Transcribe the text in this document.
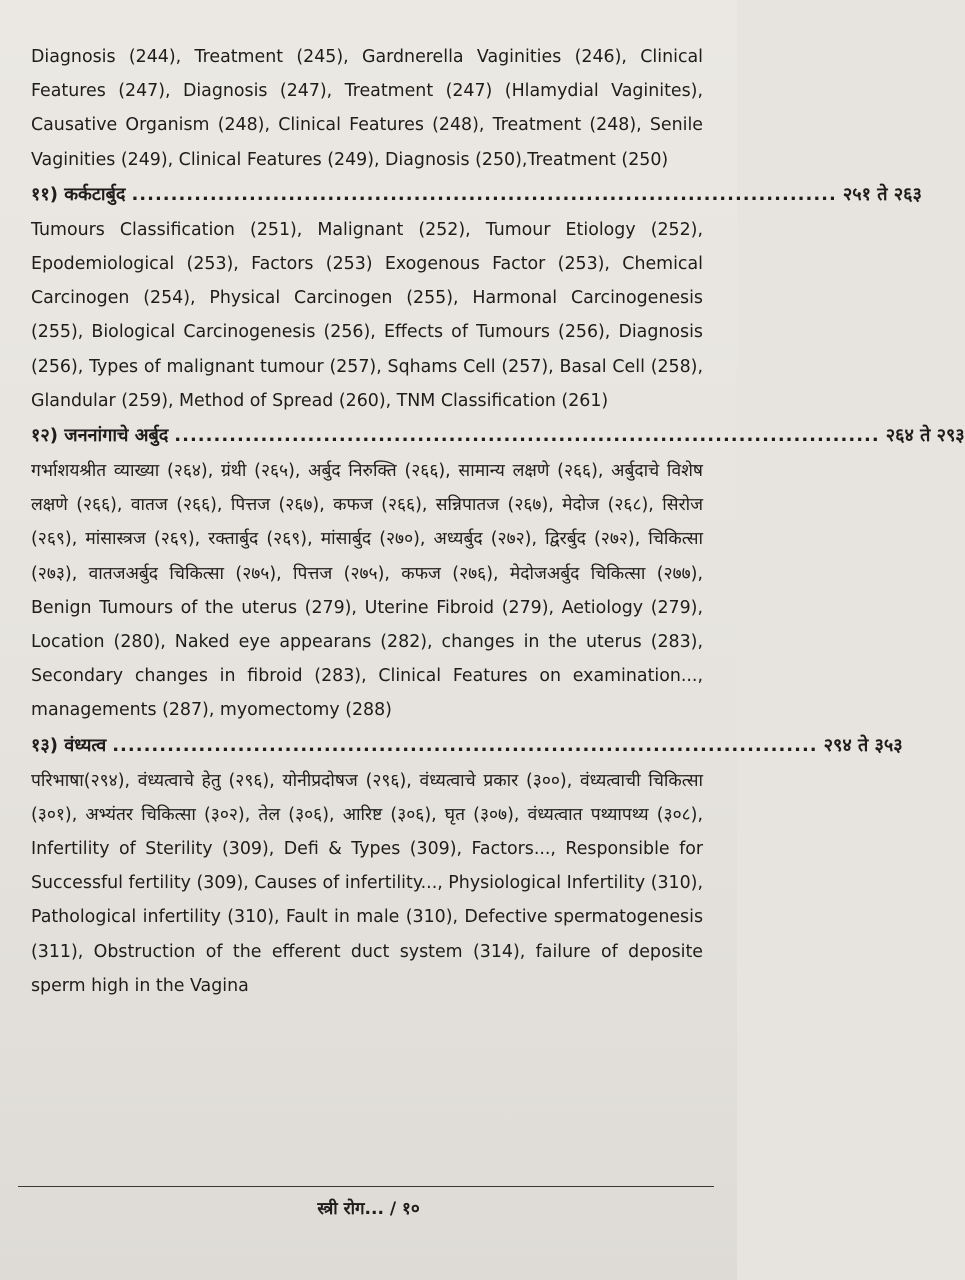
Diagnosis (244), Treatment (245), Gardnerella Vaginities (246), Clinical Features (247), Diagnosis (247), Treatment (247) (Hlamydial Vaginites), Causative Organism (248), Clinical Features (248), Treatment (248), Senile Vaginities (249), Clinical Features (249), Diagnosis (250),Treatment (250)

११) कर्कटार्बुद .......................................................................................... २५१ ते २६३

Tumours Classification (251), Malignant (252), Tumour Etiology (252), Epodemiological (253), Factors (253) Exogenous Factor (253), Chemical Carcinogen (254), Physical Carcinogen (255), Harmonal Carcinogenesis (255), Biological Carcinogenesis (256), Effects of Tumours (256), Diagnosis (256), Types of malignant tumour (257), Sqhams Cell (257), Basal Cell (258), Glandular (259), Method of Spread (260), TNM Classification (261)

१२) जननांगाचे अर्बुद .......................................................................................... २६४ ते २९३

गर्भाशयश्रीत व्याख्या (२६४), ग्रंथी (२६५), अर्बुद निरुक्ति (२६६), सामान्य लक्षणे (२६६), अर्बुदाचे विशेष लक्षणे (२६६), वातज (२६६), पित्तज (२६७), कफज (२६६), सन्निपातज (२६७), मेदोज (२६८), सिरोज (२६९), मांसास्त्रज (२६९), रक्तार्बुद (२६९), मांसार्बुद (२७०), अध्यर्बुद (२७२), द्विरर्बुद (२७२), चिकित्सा (२७३), वातजअर्बुद चिकित्सा (२७५), पित्तज (२७५), कफज (२७६), मेदोजअर्बुद चिकित्सा (२७७), Benign Tumours of the uterus (279), Uterine Fibroid (279), Aetiology (279), Location (280), Naked eye appearans (282), changes in the uterus (283), Secondary changes in fibroid (283), Clinical Features on examination..., managements (287), myomectomy (288)

१३) वंध्यत्व .......................................................................................... २९४ ते ३५३

परिभाषा(२९४), वंध्यत्वाचे हेतु (२९६), योनीप्रदोषज (२९६), वंध्यत्वाचे प्रकार (३००), वंध्यत्वाची चिकित्सा (३०१), अभ्यंतर चिकित्सा (३०२), तेल (३०६), आरिष्ट (३०६), घृत (३०७), वंध्यत्वात पथ्यापथ्य (३०८), Infertility of Sterility (309), Defi & Types (309), Factors..., Responsible for Successful fertility (309), Causes of infertility..., Physiological Infertility (310), Pathological infertility (310), Fault in male (310), Defective spermatogenesis (311), Obstruction of the efferent duct system (314), failure of deposite sperm high in the Vagina

स्त्री रोग... / १०
